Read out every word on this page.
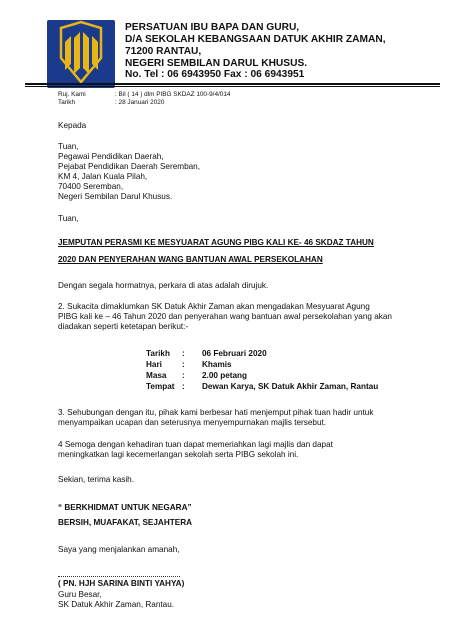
PERSATUAN IBU BAPA DAN GURU,
D/A SEKOLAH KEBANGSAAN DATUK AKHIR ZAMAN,
71200 RANTAU,
NEGERI SEMBILAN DARUL KHUSUS.
No. Tel : 06 6943950 Fax : 06 6943951
Ruj. Kami	: Bil ( 14 ) dlm PIBG SKDAZ 100-9/4/014
Tarikh	: 28 Januari 2020
Kepada
Tuan,
Pegawai Pendidikan Daerah,
Pejabat Pendidikan Daerah Seremban,
KM 4, Jalan Kuala Pilah,
70400 Seremban,
Negeri Sembilan Darul Khusus.
Tuan,
JEMPUTAN PERASMI KE MESYUARAT AGUNG PIBG KALI KE- 46 SKDAZ TAHUN
2020 DAN PENYERAHAN WANG BANTUAN AWAL PERSEKOLAHAN
Dengan segala hormatnya, perkara di atas adalah dirujuk.
2. Sukacita dimaklumkan SK Datuk Akhir Zaman akan mengadakan Mesyuarat Agung
PIBG kali ke – 46 Tahun 2020 dan penyerahan wang bantuan awal persekolahan yang akan
diadakan seperti ketetapan berikut:-
Tarikh : 06 Februari 2020
Hari : Khamis
Masa : 2.00 petang
Tempat : Dewan Karya, SK Datuk Akhir Zaman, Rantau
3. Sehubungan dengan itu, pihak kami berbesar hati menjemput pihak tuan hadir untuk
menyampaikan ucapan dan seterusnya menyempurnakan majlis tersebut.
4 Semoga dengan kehadiran tuan dapat memeriahkan lagi majlis dan dapat
meningkatkan lagi kecemerlangan sekolah serta PIBG sekolah ini.
Sekian, terima kasih.
“ BERKHIDMAT UNTUK NEGARA”
BERSIH, MUAFAKAT, SEJAHTERA
Saya yang menjalankan amanah,
( PN. HJH SARINA BINTI YAHYA)
Guru Besar,
SK Datuk Akhir Zaman, Rantau.
